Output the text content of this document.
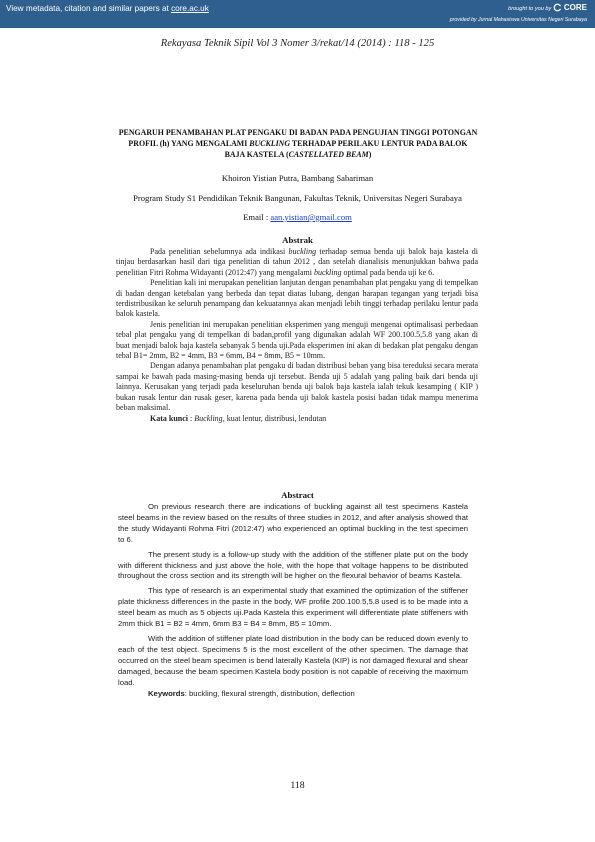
View metadata, citation and similar papers at core.ac.uk	brought to you by CORE
provided by Jurnal Mahasiswa Universitas Negeri Surabaya
Rekayasa Teknik Sipil Vol 3 Nomer 3/rekat/14 (2014) : 118 - 125
PENGARUH PENAMBAHAN PLAT PENGAKU DI BADAN PADA PENGUJIAN TINGGI POTONGAN PROFIL (h) YANG MENGALAMI BUCKLING TERHADAP PERILAKU LENTUR PADA BALOK BAJA KASTELA (CASTELLATED BEAM)
Khoiron Yistian Putra, Bambang Sabariman
Program Study S1 Pendidikan Teknik Bangunan, Fakultas Teknik, Universitas Negeri Surabaya
Email : aan.yistian@gmail.com
Abstrak

Pada penelitian sebelumnya ada indikasi buckling terhadap semua benda uji balok baja kastela di tinjau berdasarkan hasil dari tiga penelitian di tahun 2012 , dan setelah dianalisis menunjukkan bahwa pada penelitian Fitri Rohma Widayanti (2012:47) yang mengalami buckling optimal pada benda uji ke 6.

Penelitian kali ini merupakan penelitian lanjutan dengan penambahan plat pengaku yang di tempelkan di badan dengan ketebalan yang berbeda dan tepat diatas lubang, dengan harapan tegangan yang terjadi bisa terdistribusikan ke seluruh penampang dan kekuatannya akan menjadi lebih tinggi terhadap perilaku lentur pada balok kastela.

Jenis penelitian ini merupakan penelitian eksperimen yang menguji mengenai optimalisasi perbedaan tebal plat pengaku yang di tempelkan di badan,profil yang digunakan adalah WF 200.100.5,5.8 yang akan di buat menjadi balok baja kastela sebanyak 5 benda uji.Pada eksperimen ini akan di bedakan plat pengaku dengan tebal B1= 2mm, B2 = 4mm, B3 = 6mm, B4 = 8mm, B5 = 10mm.

Dengan adanya penambahan plat pengaku di badan distribusi beban yang bisa tereduksi secara merata sampai ke bawah pada masing-masing benda uji tersebut. Benda uji 5 adalah yang paling baik dari benda uji lainnya. Kerusakan yang terjadi pada keseluruhan benda uji balok baja kastela ialah tekuk kesamping ( KIP ) bukan rusak lentur dan rusak geser, karena pada benda uji balok kastela posisi badan tidak mampu menerima beban maksimal.

Kata kunci : Buckling, kuat lentur, distribusi, lendutan

Abstract

On previous research there are indications of buckling against all test specimens Kastela steel beams in the review based on the results of three studies in 2012, and after analysis showed that the study Widayanti Rohma Fitri (2012:47) who experienced an optimal buckling in the test specimen to 6.

The present study is a follow-up study with the addition of the stiffener plate put on the body with different thickness and just above the hole, with the hope that voltage happens to be distributed throughout the cross section and its strength will be higher on the flexural behavior of beams Kastela.

This type of research is an experimental study that examined the optimization of the stiffener plate thickness differences in the paste in the body, WF profile 200.100.5,5.8 used is to be made into a steel beam as much as 5 objects uji.Pada Kastela this experiment will differentiate plate stiffeners with 2mm thick B1 = B2 = 4mm, 6mm B3 = B4 = 8mm, B5 = 10mm.

With the addition of stiffener plate load distribution in the body can be reduced down evenly to each of the test object. Specimens 5 is the most excellent of the other specimen. The damage that occurred on the steel beam specimen is bend laterally Kastela (KIP) is not damaged flexural and shear damaged, because the beam specimen Kastela body position is not capable of receiving the maximum load.

Keywords: buckling, flexural strength, distribution, deflection

118
